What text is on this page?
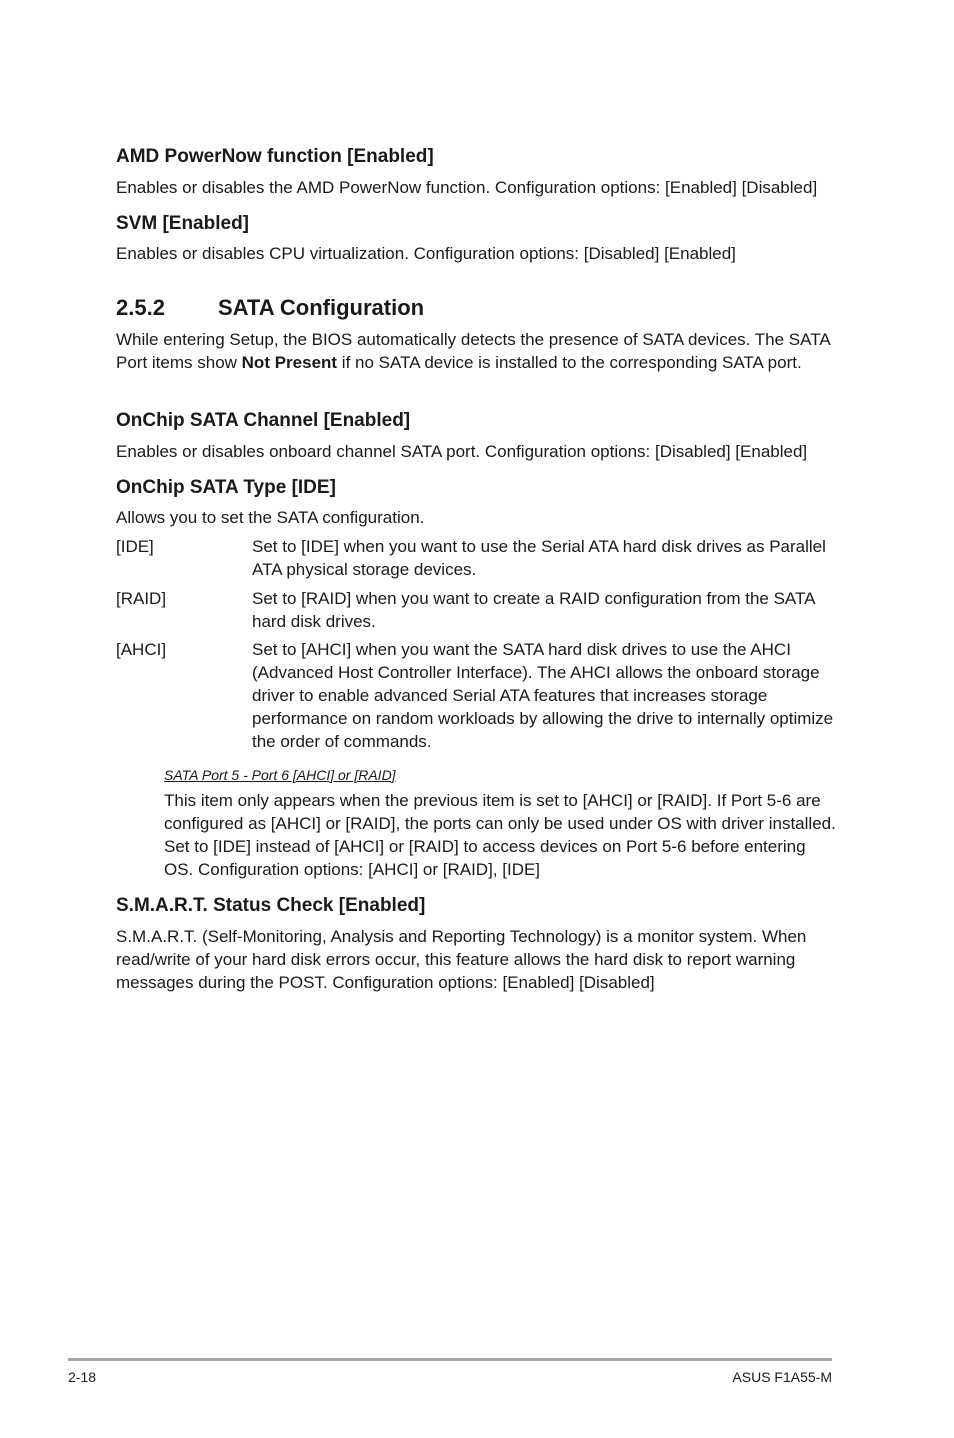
AMD PowerNow function [Enabled]
Enables or disables the AMD PowerNow function. Configuration options: [Enabled] [Disabled]
SVM [Enabled]
Enables or disables CPU virtualization. Configuration options: [Disabled] [Enabled]
2.5.2 SATA Configuration
While entering Setup, the BIOS automatically detects the presence of SATA devices. The SATA Port items show Not Present if no SATA device is installed to the corresponding SATA port.
OnChip SATA Channel [Enabled]
Enables or disables onboard channel SATA port. Configuration options: [Disabled] [Enabled]
OnChip SATA Type [IDE]
Allows you to set the SATA configuration.
[IDE]	Set to [IDE] when you want to use the Serial ATA hard disk drives as Parallel ATA physical storage devices.
[RAID]	Set to [RAID] when you want to create a RAID configuration from the SATA hard disk drives.
[AHCI]	Set to [AHCI] when you want the SATA hard disk drives to use the AHCI (Advanced Host Controller Interface). The AHCI allows the onboard storage driver to enable advanced Serial ATA features that increases storage performance on random workloads by allowing the drive to internally optimize the order of commands.
SATA Port 5 - Port 6 [AHCI] or [RAID]
This item only appears when the previous item is set to [AHCI] or [RAID]. If Port 5-6 are configured as [AHCI] or [RAID], the ports can only be used under OS with driver installed. Set to [IDE] instead of [AHCI] or [RAID] to access devices on Port 5-6 before entering OS. Configuration options: [AHCI] or [RAID], [IDE]
S.M.A.R.T. Status Check [Enabled]
S.M.A.R.T. (Self-Monitoring, Analysis and Reporting Technology) is a monitor system. When read/write of your hard disk errors occur, this feature allows the hard disk to report warning messages during the POST. Configuration options: [Enabled] [Disabled]
2-18	ASUS F1A55-M
